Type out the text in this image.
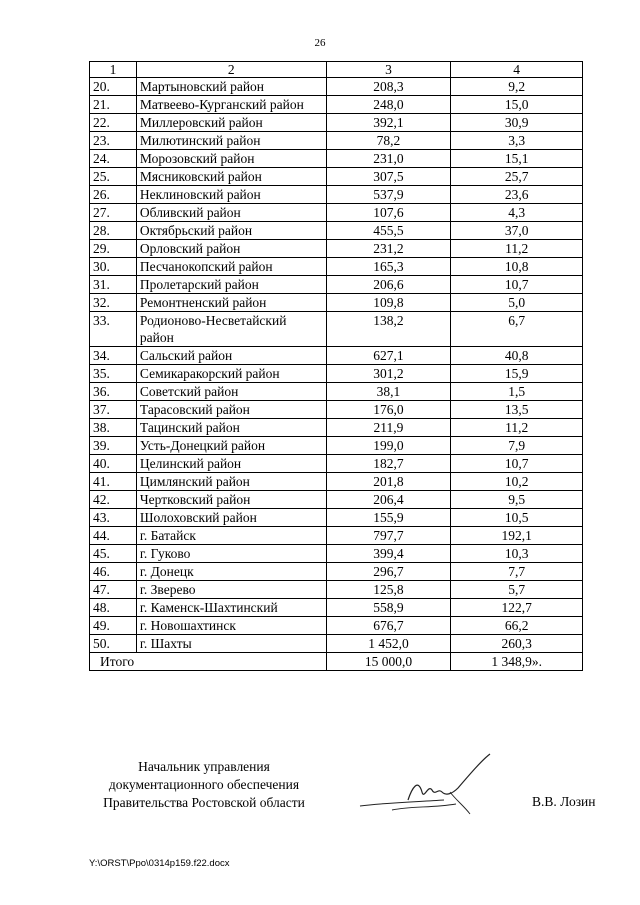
26
1	2	3	4
20.	Мартыновский район	208,3	9,2
21.	Матвеево-Курганский район	248,0	15,0
22.	Миллеровский район	392,1	30,9
23.	Милютинский район	78,2	3,3
24.	Морозовский район	231,0	15,1
25.	Мясниковский район	307,5	25,7
26.	Неклиновский район	537,9	23,6
27.	Обливский район	107,6	4,3
28.	Октябрьский район	455,5	37,0
29.	Орловский район	231,2	11,2
30.	Песчанокопский район	165,3	10,8
31.	Пролетарский район	206,6	10,7
32.	Ремонтненский район	109,8	5,0
33.	Родионово-Несветайский район	138,2	6,7
34.	Сальский район	627,1	40,8
35.	Семикаракорский район	301,2	15,9
36.	Советский район	38,1	1,5
37.	Тарасовский район	176,0	13,5
38.	Тацинский район	211,9	11,2
39.	Усть-Донецкий район	199,0	7,9
40.	Целинский район	182,7	10,7
41.	Цимлянский район	201,8	10,2
42.	Чертковский район	206,4	9,5
43.	Шолоховский район	155,9	10,5
44.	г. Батайск	797,7	192,1
45.	г. Гуково	399,4	10,3
46.	г. Донецк	296,7	7,7
47.	г. Зверево	125,8	5,7
48.	г. Каменск-Шахтинский	558,9	122,7
49.	г. Новошахтинск	676,7	66,2
50.	г. Шахты	1 452,0	260,3
Итого		15 000,0	1 348,9».
Начальник управления
документационного обеспечения
Правительства Ростовской области	В.В. Лозин
Y:\ORST\Ppo\0314p159.f22.docx
